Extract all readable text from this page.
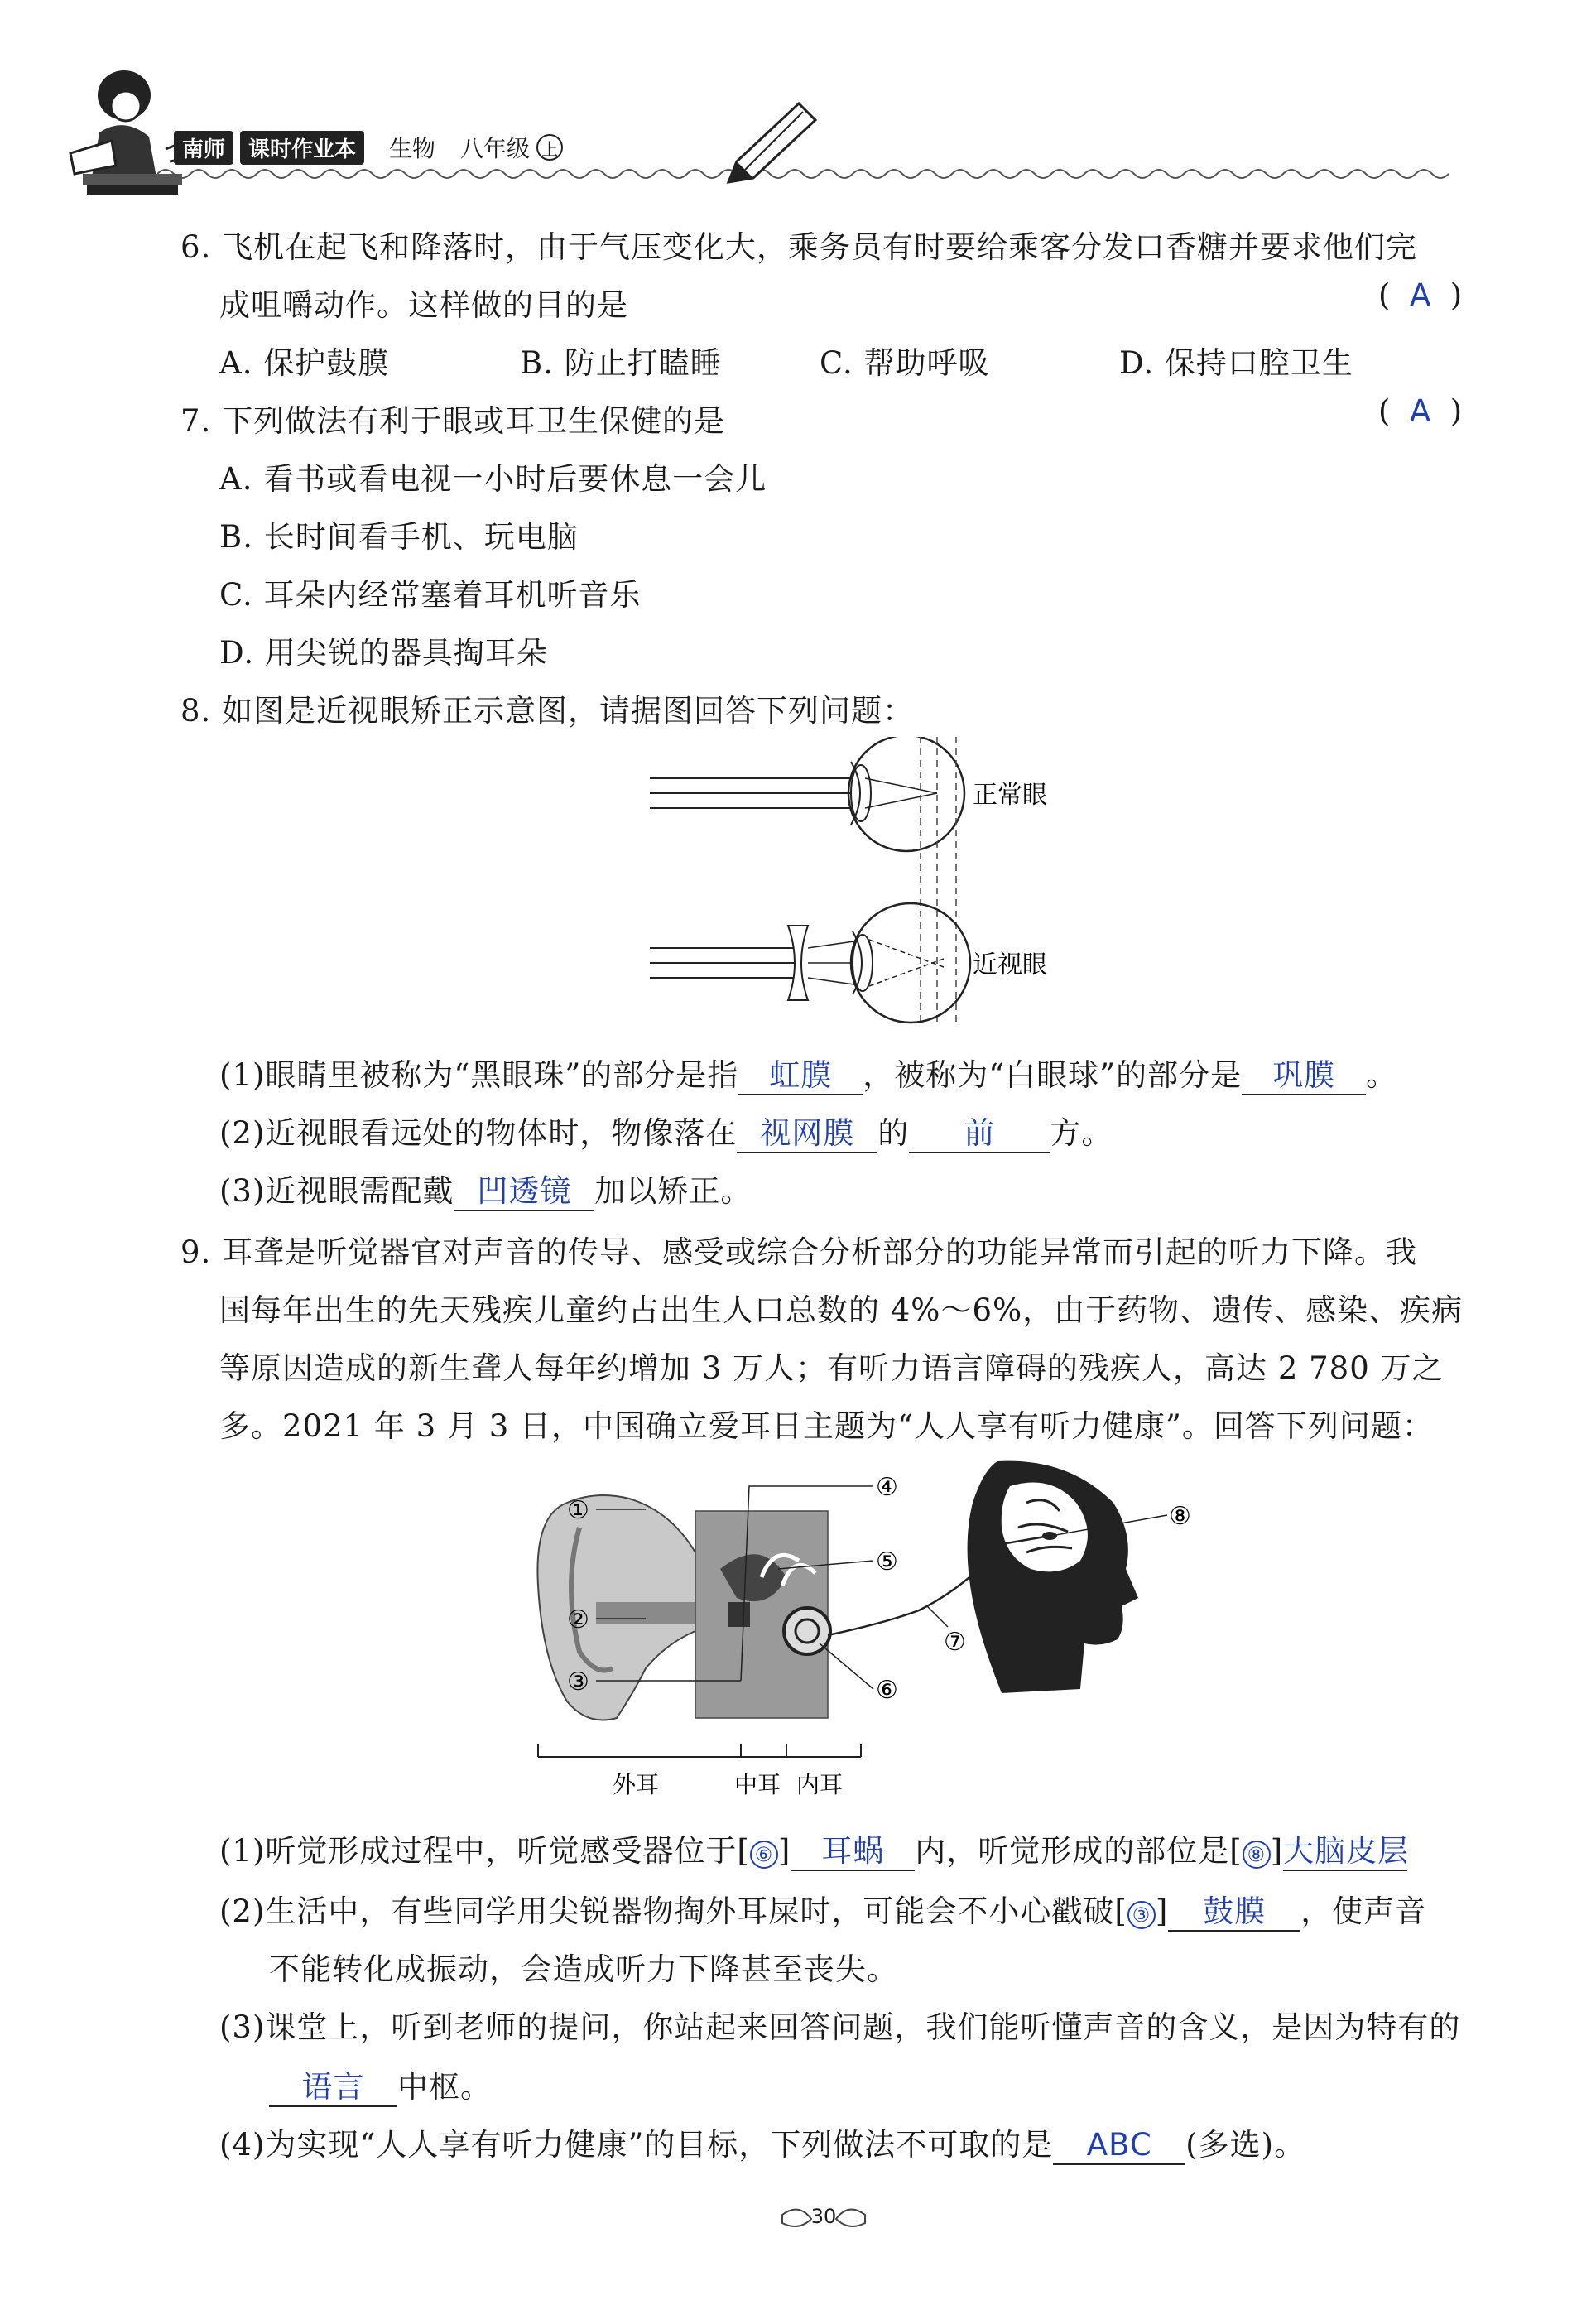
南师	课时作业本	生物 八年级 上
6. 飞机在起飞和降落时，由于气压变化大，乘务员有时要给乘客分发口香糖并要求他们完
成咀嚼动作。这样做的目的是	(  A  )
A. 保护鼓膜	B. 防止打瞌睡	C. 帮助呼吸	D. 保持口腔卫生
7. 下列做法有利于眼或耳卫生保健的是	(  A  )
A. 看书或看电视一小时后要休息一会儿
B. 长时间看手机、玩电脑
C. 耳朵内经常塞着耳机听音乐
D. 用尖锐的器具掏耳朵
8. 如图是近视眼矫正示意图，请据图回答下列问题：
正常眼
近视眼
(1)眼睛里被称为“黑眼珠”的部分是指 虹膜 ，被称为“白眼球”的部分是 巩膜 。
(2)近视眼看远处的物体时，物像落在 视网膜 的 前 方。
(3)近视眼需配戴 凹透镜 加以矫正。
9. 耳聋是听觉器官对声音的传导、感受或综合分析部分的功能异常而引起的听力下降。我
国每年出生的先天残疾儿童约占出生人口总数的 4%～6%，由于药物、遗传、感染、疾病
等原因造成的新生聋人每年约增加 3 万人；有听力语言障碍的残疾人，高达 2 780 万之
多。2021 年 3 月 3 日，中国确立爱耳日主题为“人人享有听力健康”。回答下列问题：
①
②
③
④
⑤
⑥
⑦
⑧
外耳	中耳 内耳
(1)听觉形成过程中，听觉感受器位于[ ⑥ ] 耳蜗 内，听觉形成的部位是[ ⑧ ]大脑皮层
(2)生活中，有些同学用尖锐器物掏外耳屎时，可能会不小心戳破[ ③ ] 鼓膜 ，使声音
不能转化成振动，会造成听力下降甚至丧失。
(3)课堂上，听到老师的提问，你站起来回答问题，我们能听懂声音的含义，是因为特有的
语言 中枢。
(4)为实现“人人享有听力健康”的目标，下列做法不可取的是 ABC (多选)。
30
